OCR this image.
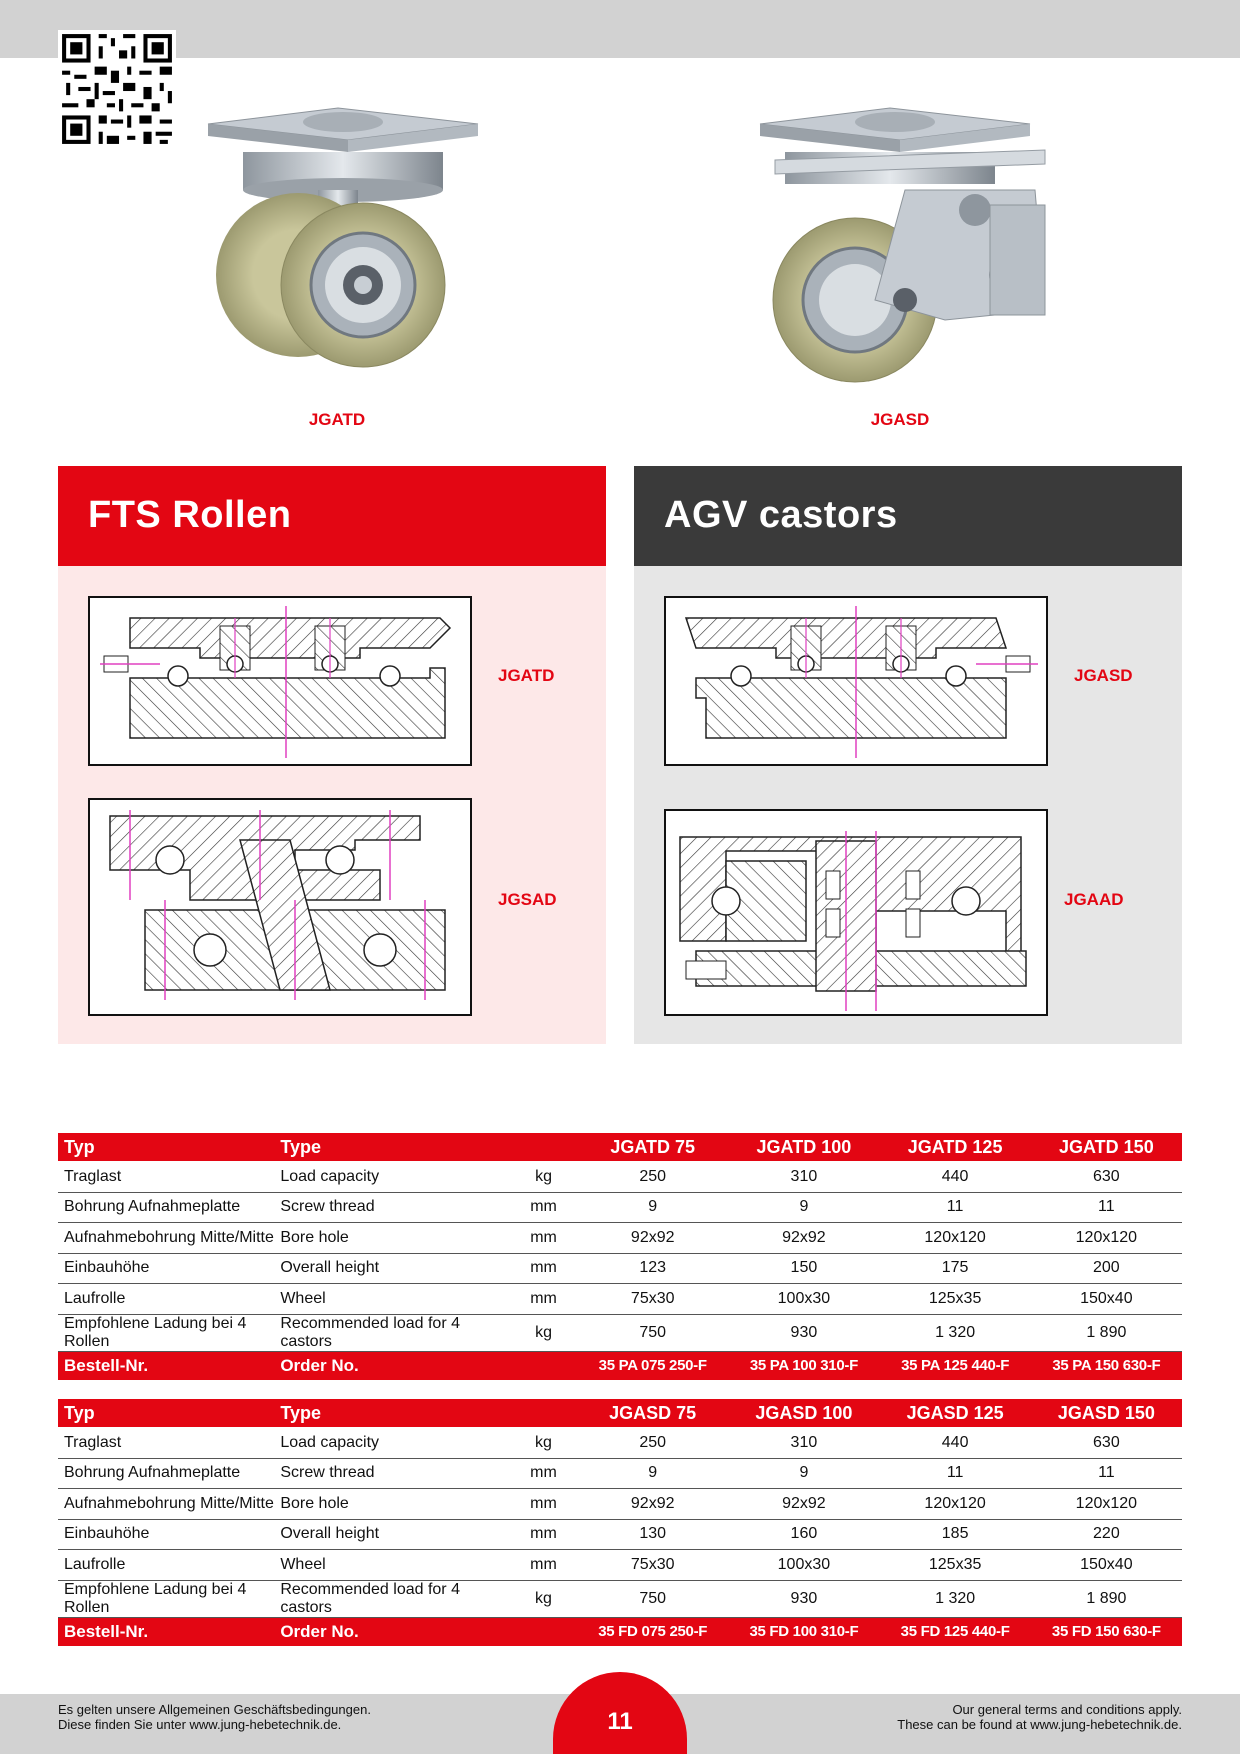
JGATD	JGASD
FTS Rollen
JGATD
JGSAD
AGV castors
JGASD
JGAAD
Typ	Type		JGATD 75	JGATD 100	JGATD 125	JGATD 150
Traglast	Load capacity	kg	250	310	440	630
Bohrung Aufnahmeplatte	Screw thread	mm	9	9	11	11
Aufnahmebohrung Mitte/Mitte	Bore hole	mm	92x92	92x92	120x120	120x120
Einbauhöhe	Overall height	mm	123	150	175	200
Laufrolle	Wheel	mm	75x30	100x30	125x35	150x40
Empfohlene Ladung bei 4 Rollen	Recommended load for 4 castors	kg	750	930	1 320	1 890
Bestell-Nr.	Order No.		35 PA 075 250-F	35 PA 100 310-F	35 PA 125 440-F	35 PA 150 630-F
Typ	Type		JGASD 75	JGASD 100	JGASD 125	JGASD 150
Traglast	Load capacity	kg	250	310	440	630
Bohrung Aufnahmeplatte	Screw thread	mm	9	9	11	11
Aufnahmebohrung Mitte/Mitte	Bore hole	mm	92x92	92x92	120x120	120x120
Einbauhöhe	Overall height	mm	130	160	185	220
Laufrolle	Wheel	mm	75x30	100x30	125x35	150x40
Empfohlene Ladung bei 4 Rollen	Recommended load for 4 castors	kg	750	930	1 320	1 890
Bestell-Nr.	Order No.		35 FD 075 250-F	35 FD 100 310-F	35 FD 125 440-F	35 FD 150 630-F
Es gelten unsere Allgemeinen Geschäftsbedingungen.
Diese finden Sie unter www.jung-hebetechnik.de.
Our general terms and conditions apply.
These can be found at www.jung-hebetechnik.de.
11
